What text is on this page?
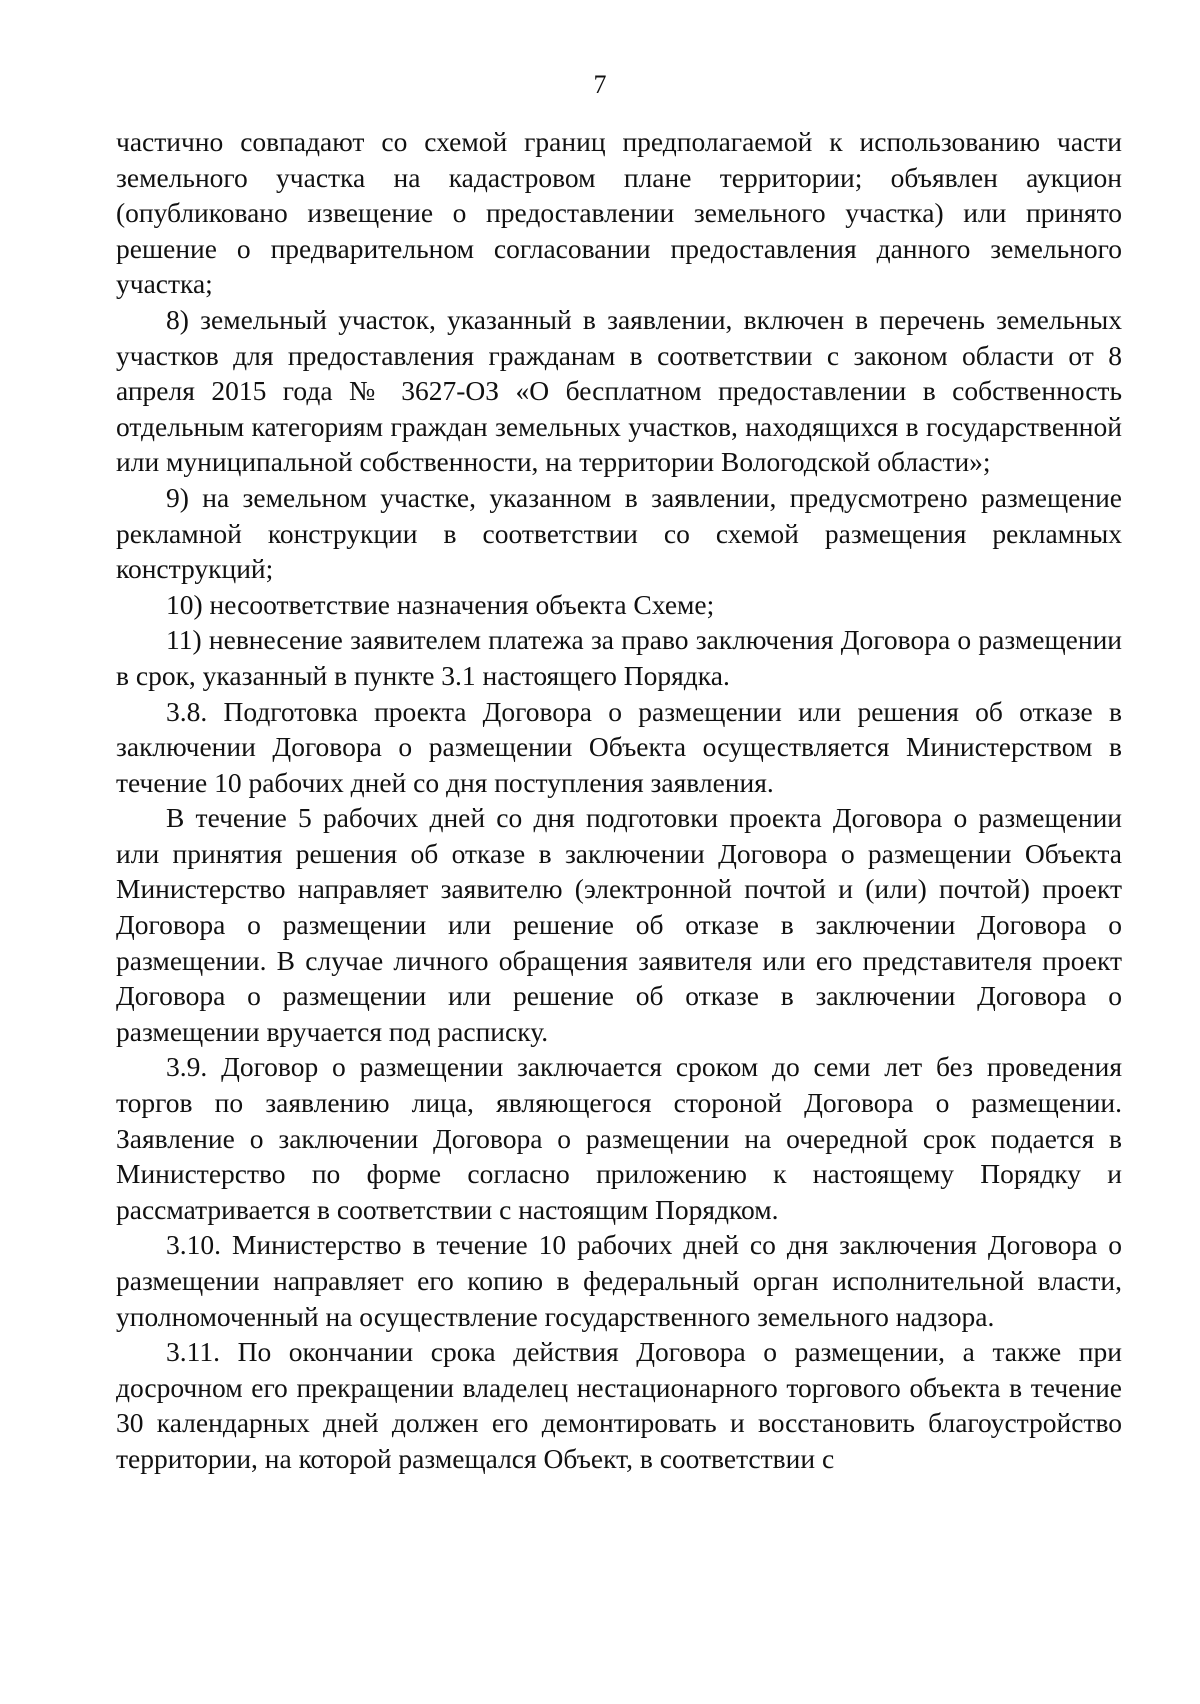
7

частично совпадают со схемой границ предполагаемой к использованию части земельного участка на кадастровом плане территории; объявлен аукцион (опубликовано извещение о предоставлении земельного участка) или принято решение о предварительном согласовании предоставления данного земельного участка;

8) земельный участок, указанный в заявлении, включен в перечень земельных участков для предоставления гражданам в соответствии с законом области от 8 апреля 2015 года № 3627-ОЗ «О бесплатном предоставлении в собственность отдельным категориям граждан земельных участков, находящихся в государственной или муниципальной собственности, на территории Вологодской области»;

9) на земельном участке, указанном в заявлении, предусмотрено размещение рекламной конструкции в соответствии со схемой размещения рекламных конструкций;

10) несоответствие назначения объекта Схеме;

11) невнесение заявителем платежа за право заключения Договора о размещении в срок, указанный в пункте 3.1 настоящего Порядка.

3.8. Подготовка проекта Договора о размещении или решения об отказе в заключении Договора о размещении Объекта осуществляется Министерством в течение 10 рабочих дней со дня поступления заявления.

В течение 5 рабочих дней со дня подготовки проекта Договора о размещении или принятия решения об отказе в заключении Договора о размещении Объекта Министерство направляет заявителю (электронной почтой и (или) почтой) проект Договора о размещении или решение об отказе в заключении Договора о размещении. В случае личного обращения заявителя или его представителя проект Договора о размещении или решение об отказе в заключении Договора о размещении вручается под расписку.

3.9. Договор о размещении заключается сроком до семи лет без проведения торгов по заявлению лица, являющегося стороной Договора о размещении. Заявление о заключении Договора о размещении на очередной срок подается в Министерство по форме согласно приложению к настоящему Порядку и рассматривается в соответствии с настоящим Порядком.

3.10. Министерство в течение 10 рабочих дней со дня заключения Договора о размещении направляет его копию в федеральный орган исполнительной власти, уполномоченный на осуществление государственного земельного надзора.

3.11. По окончании срока действия Договора о размещении, а также при досрочном его прекращении владелец нестационарного торгового объекта в течение 30 календарных дней должен его демонтировать и восстановить благоустройство территории, на которой размещался Объект, в соответствии с
